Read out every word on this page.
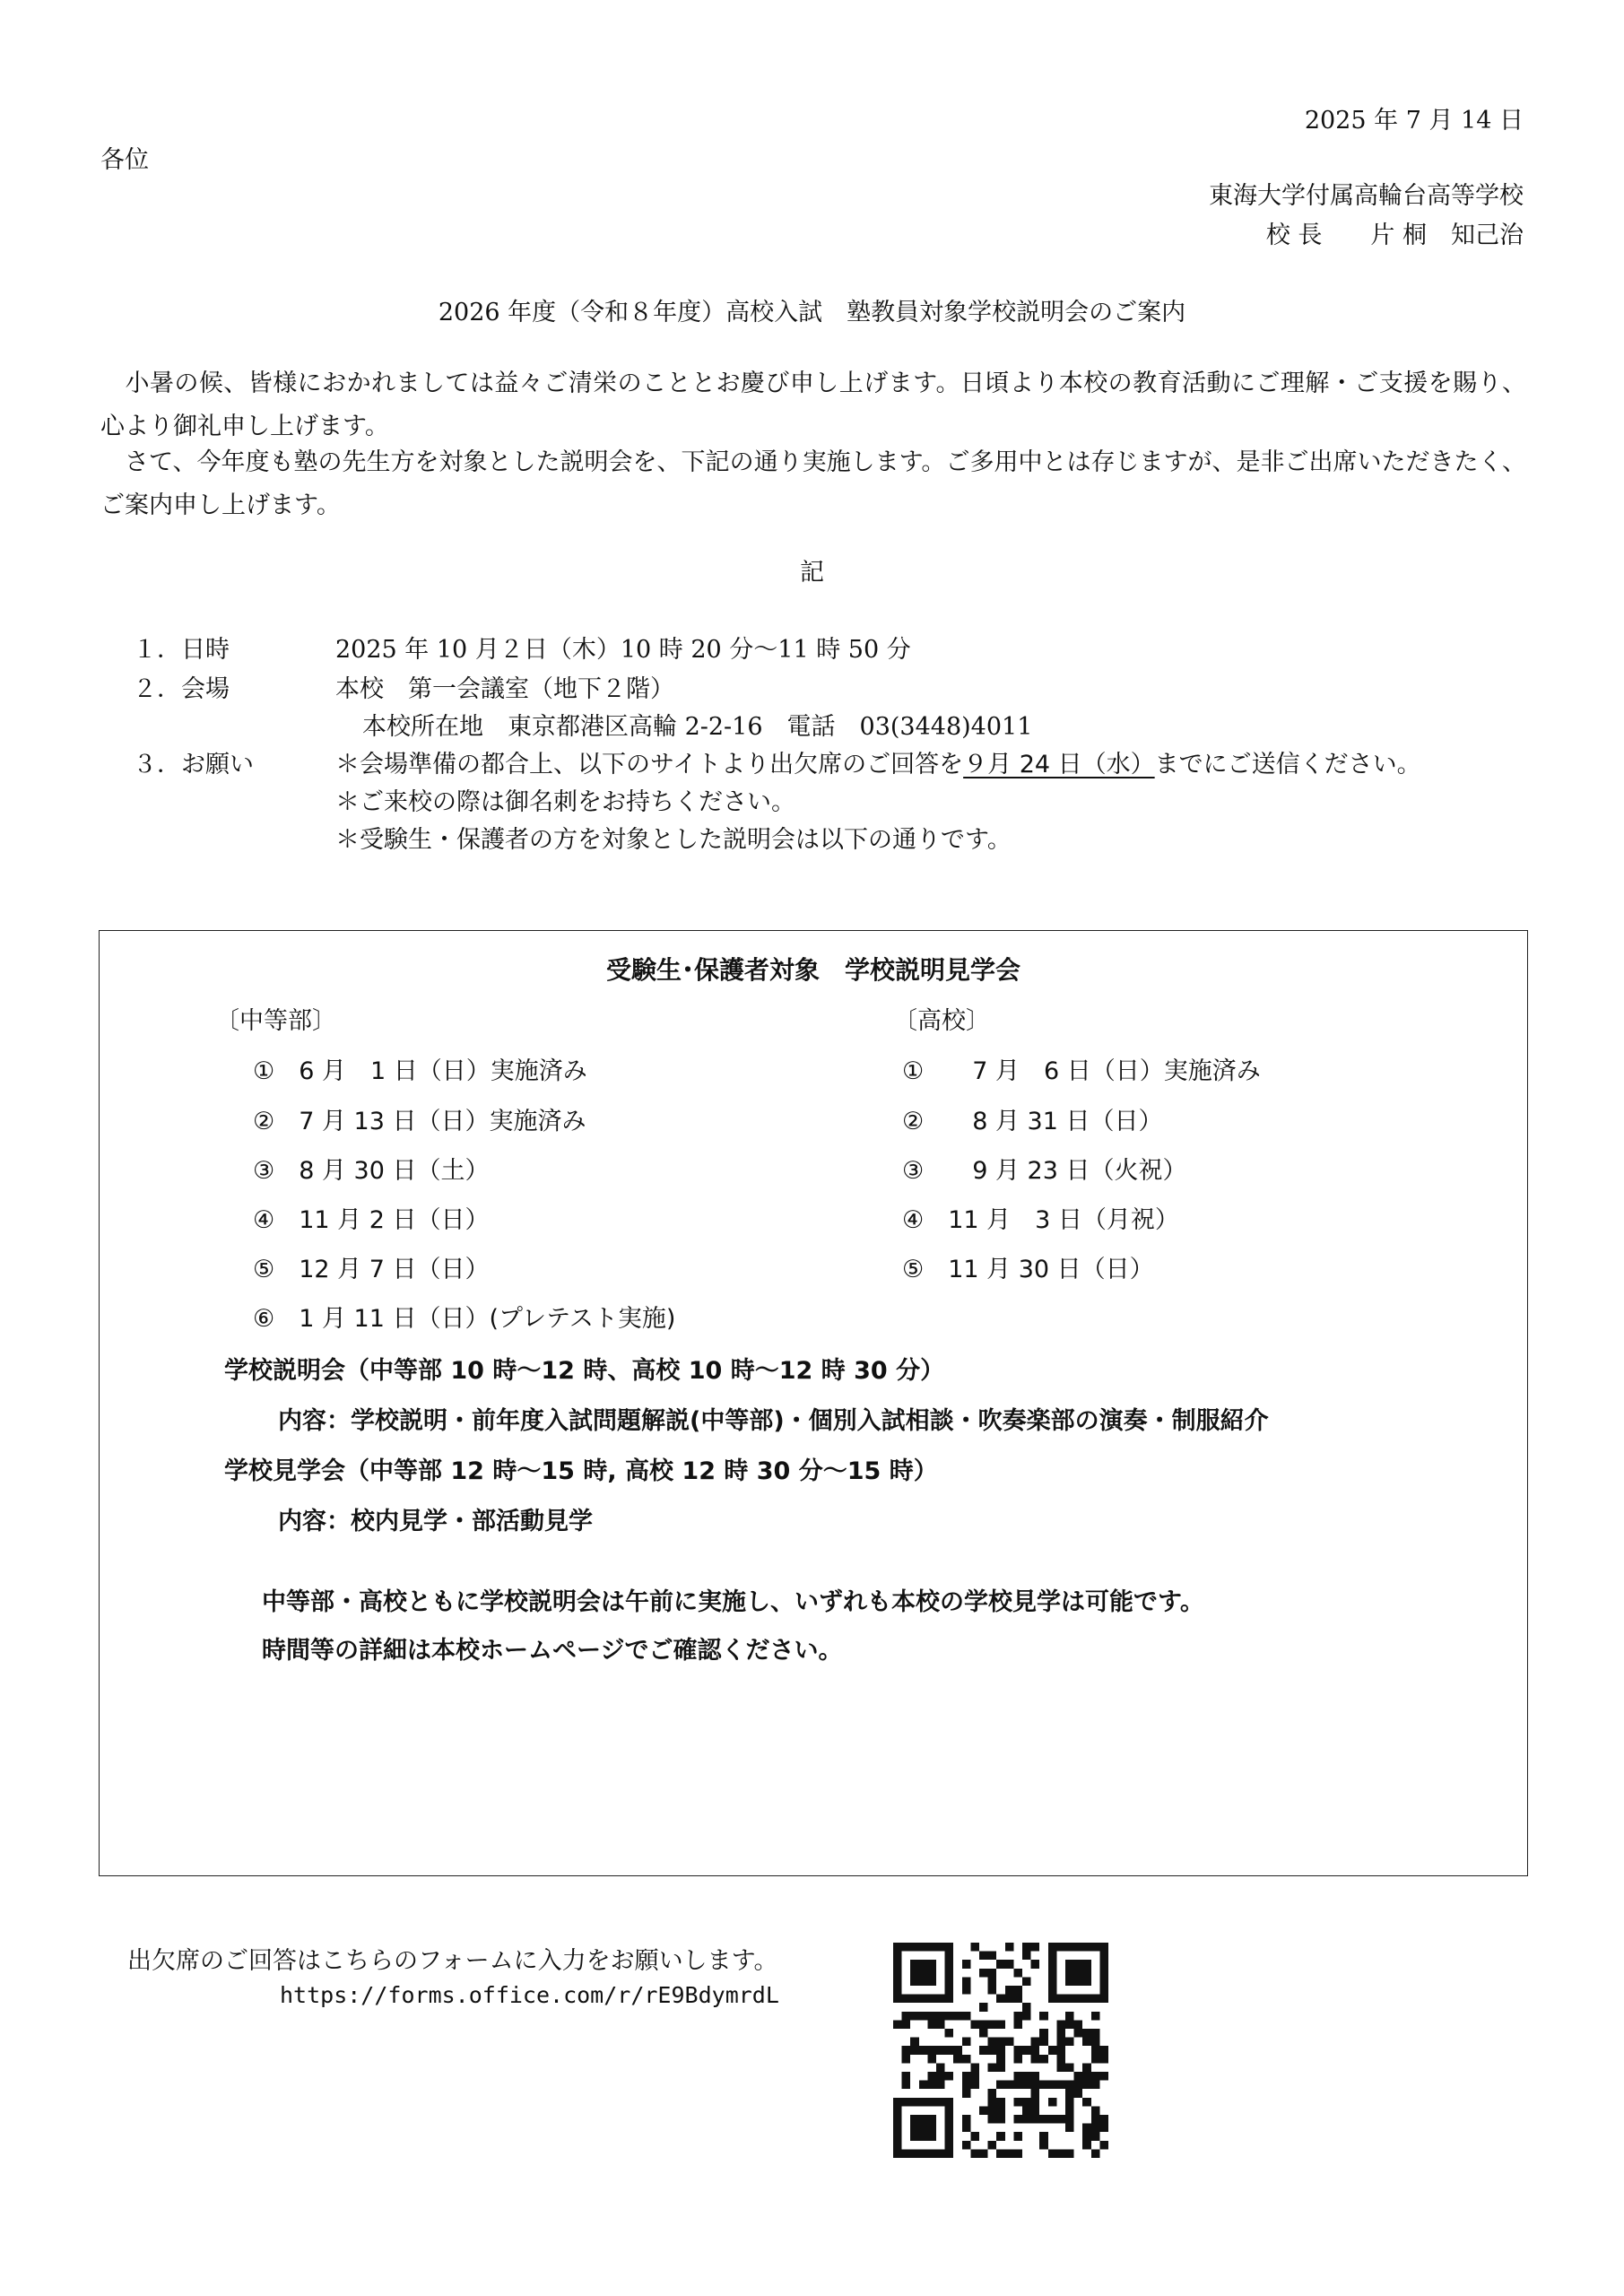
2025 年 7 月 14 日
各位
東海大学付属高輪台高等学校
校 長　　片 桐　知己治
2026 年度（令和８年度）高校入試　塾教員対象学校説明会のご案内
　小暑の候、皆様におかれましては益々ご清栄のこととお慶び申し上げます。日頃より本校の教育活動にご理解・ご支援を賜り、心より御礼申し上げます。
　さて、今年度も塾の先生方を対象とした説明会を、下記の通り実施します。ご多用中とは存じますが、是非ご出席いただきたく、ご案内申し上げます。
記
１．日時	2025 年 10 月２日（木）10 時 20 分～11 時 50 分
２．会場	本校　第一会議室（地下２階）
本校所在地　東京都港区高輪 2-2-16　電話　03(3448)4011
３．お願い	＊会場準備の都合上、以下のサイトより出欠席のご回答を９月 24 日（水）までにご送信ください。
＊ご来校の際は御名刺をお持ちください。
＊受験生・保護者の方を対象とした説明会は以下の通りです。
受験生･保護者対象　学校説明見学会
〔中等部〕	〔高校〕
①　6 月　1 日（日）実施済み
②　7 月 13 日（日）実施済み
③　8 月 30 日（土）
④　11 月 2 日（日）
⑤　12 月 7 日（日）
⑥　1 月 11 日（日）(プレテスト実施)
①　　7 月　6 日（日）実施済み
②　　8 月 31 日（日）
③　　9 月 23 日（火祝）
④　11 月　3 日（月祝）
⑤　11 月 30 日（日）
学校説明会（中等部 10 時～12 時、高校 10 時～12 時 30 分）
内容：学校説明・前年度入試問題解説(中等部)・個別入試相談・吹奏楽部の演奏・制服紹介
学校見学会（中等部 12 時～15 時, 高校 12 時 30 分～15 時）
内容：校内見学・部活動見学
中等部・高校ともに学校説明会は午前に実施し、いずれも本校の学校見学は可能です。
時間等の詳細は本校ホームページでご確認ください。
出欠席のご回答はこちらのフォームに入力をお願いします。
https://forms.office.com/r/rE9BdymrdL
